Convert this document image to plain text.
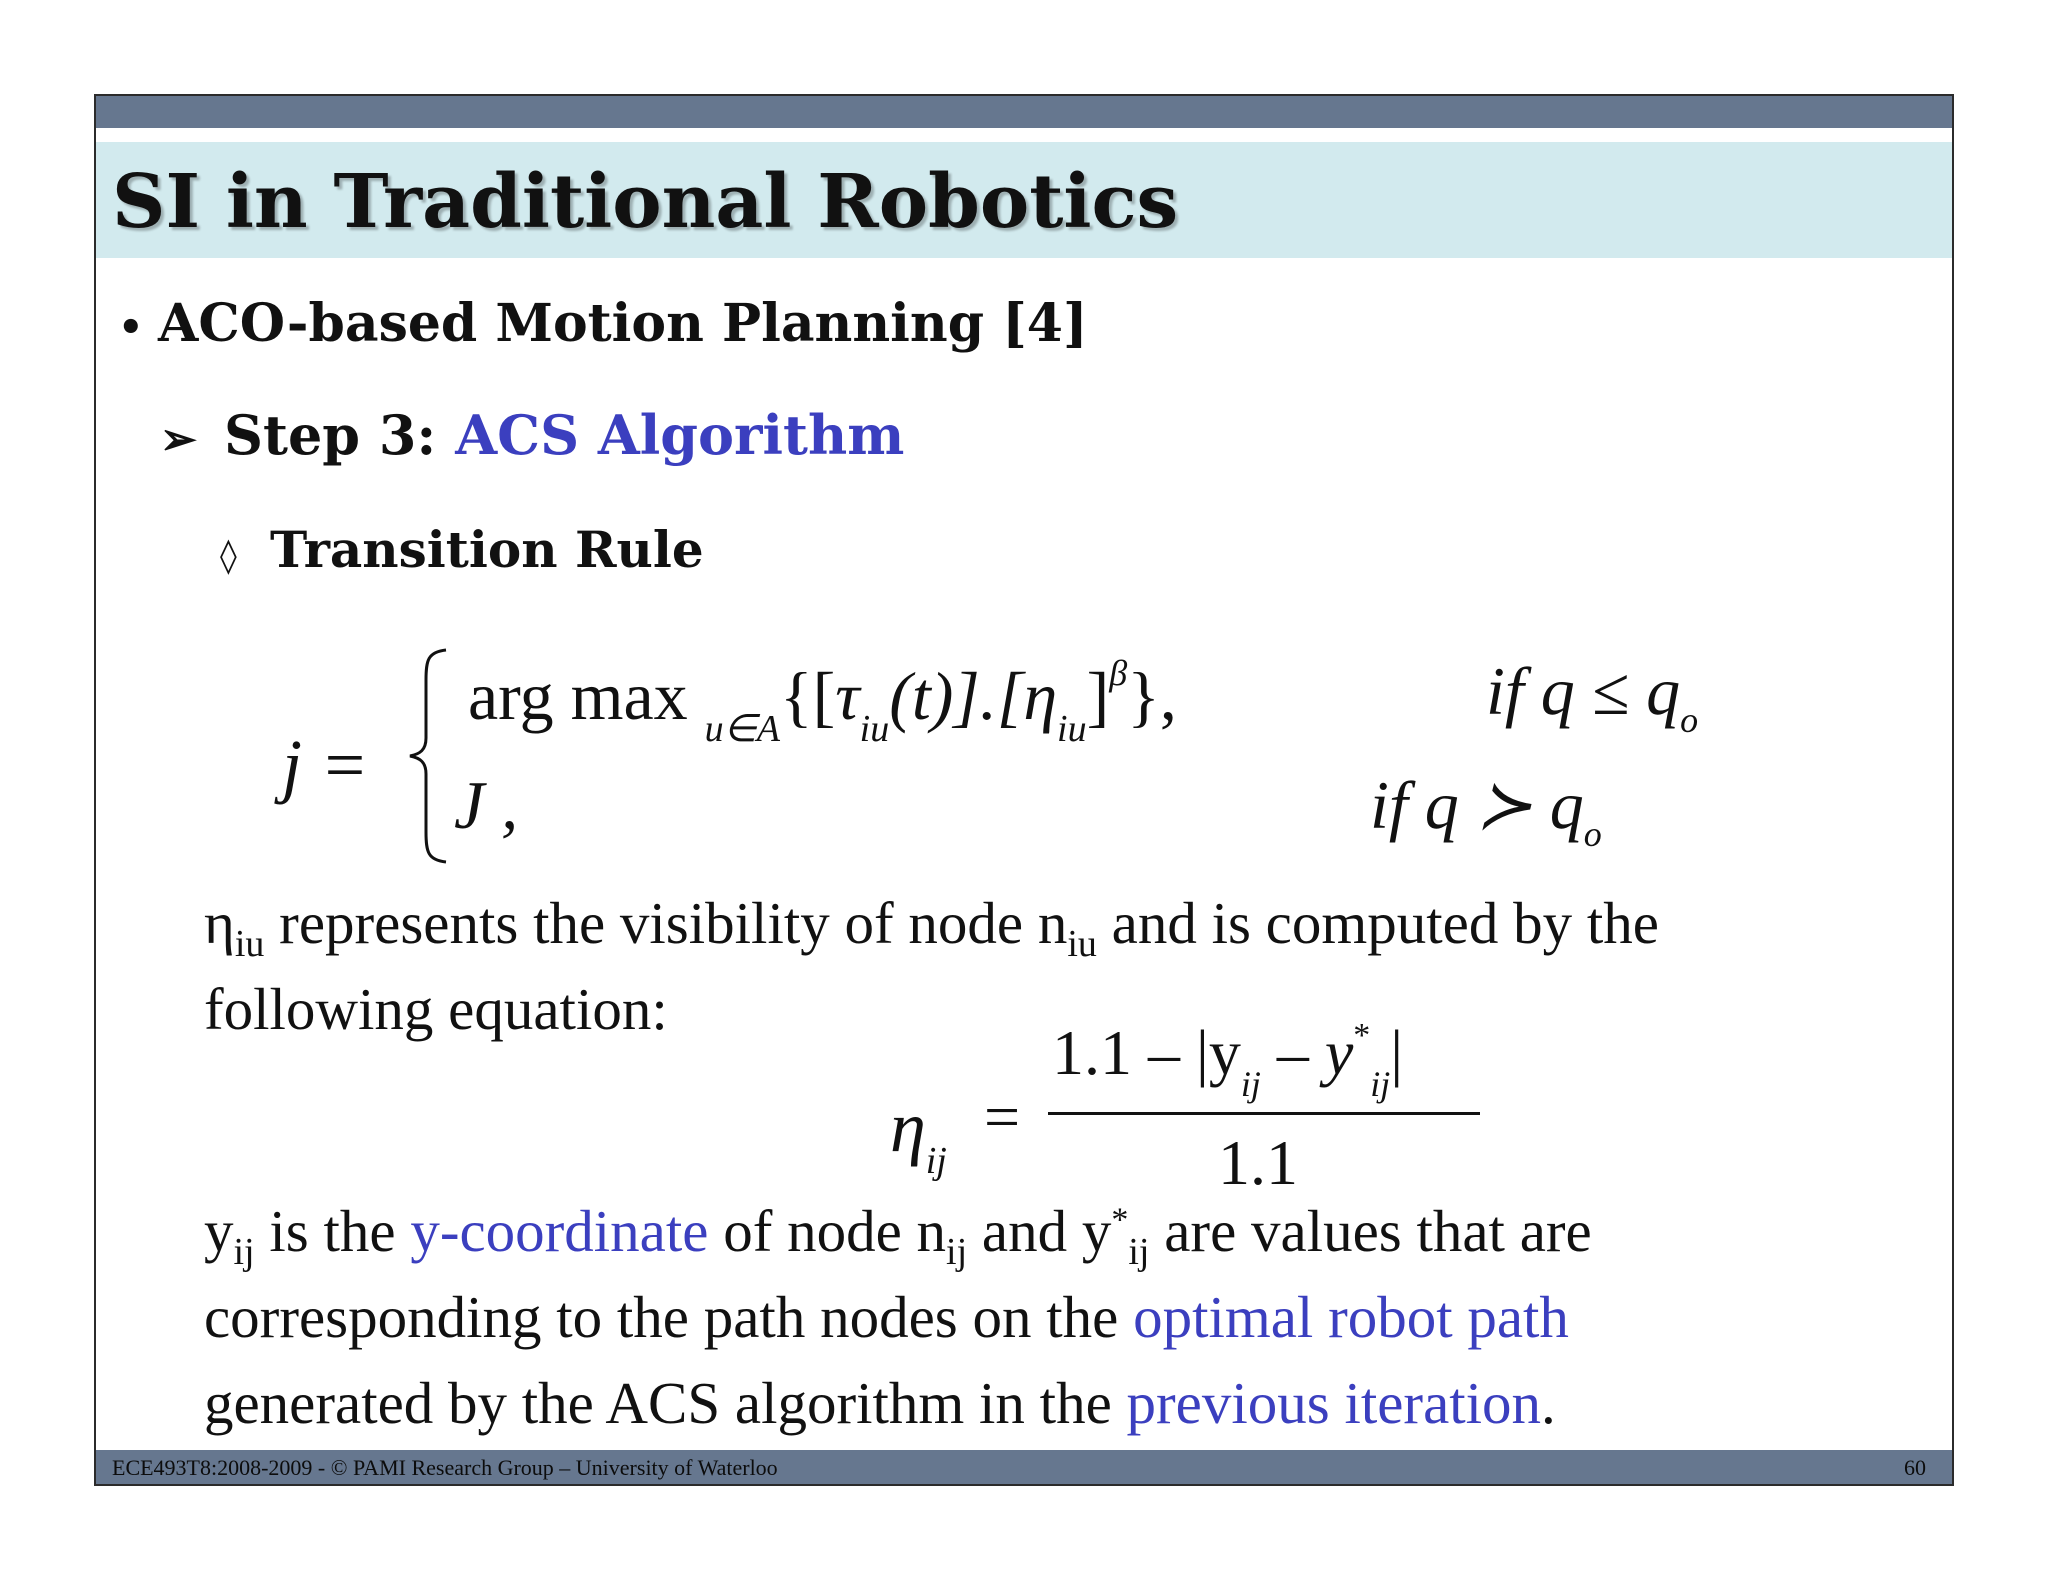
SI in Traditional Robotics
• ACO-based Motion Planning [4]
➢ Step 3: ACS Algorithm
◊ Transition Rule
j =
arg $\max _{u\in A}\{[\tau_{iu}(t)].[\eta_{iu}]^\beta\}$,	if $q \le q_o$
J ,	if q ≻ $q_o$
$\eta_{iu}$ represents the visibility of node $n_{iu}$ and is computed by the
following equation:
$\eta_{ij}$
=
$1.1 - |y_{ij} - y^*_{ij}|$
1.1
$y_{ij}$ is the y-coordinate of node $n_{ij}$ and $y^*_{ij}$ are values that are
corresponding to the path nodes on the optimal robot path
generated by the ACS algorithm in the previous iteration.
ECE493T8:2008-2009 - © PAMI Research Group – University of Waterloo	60
